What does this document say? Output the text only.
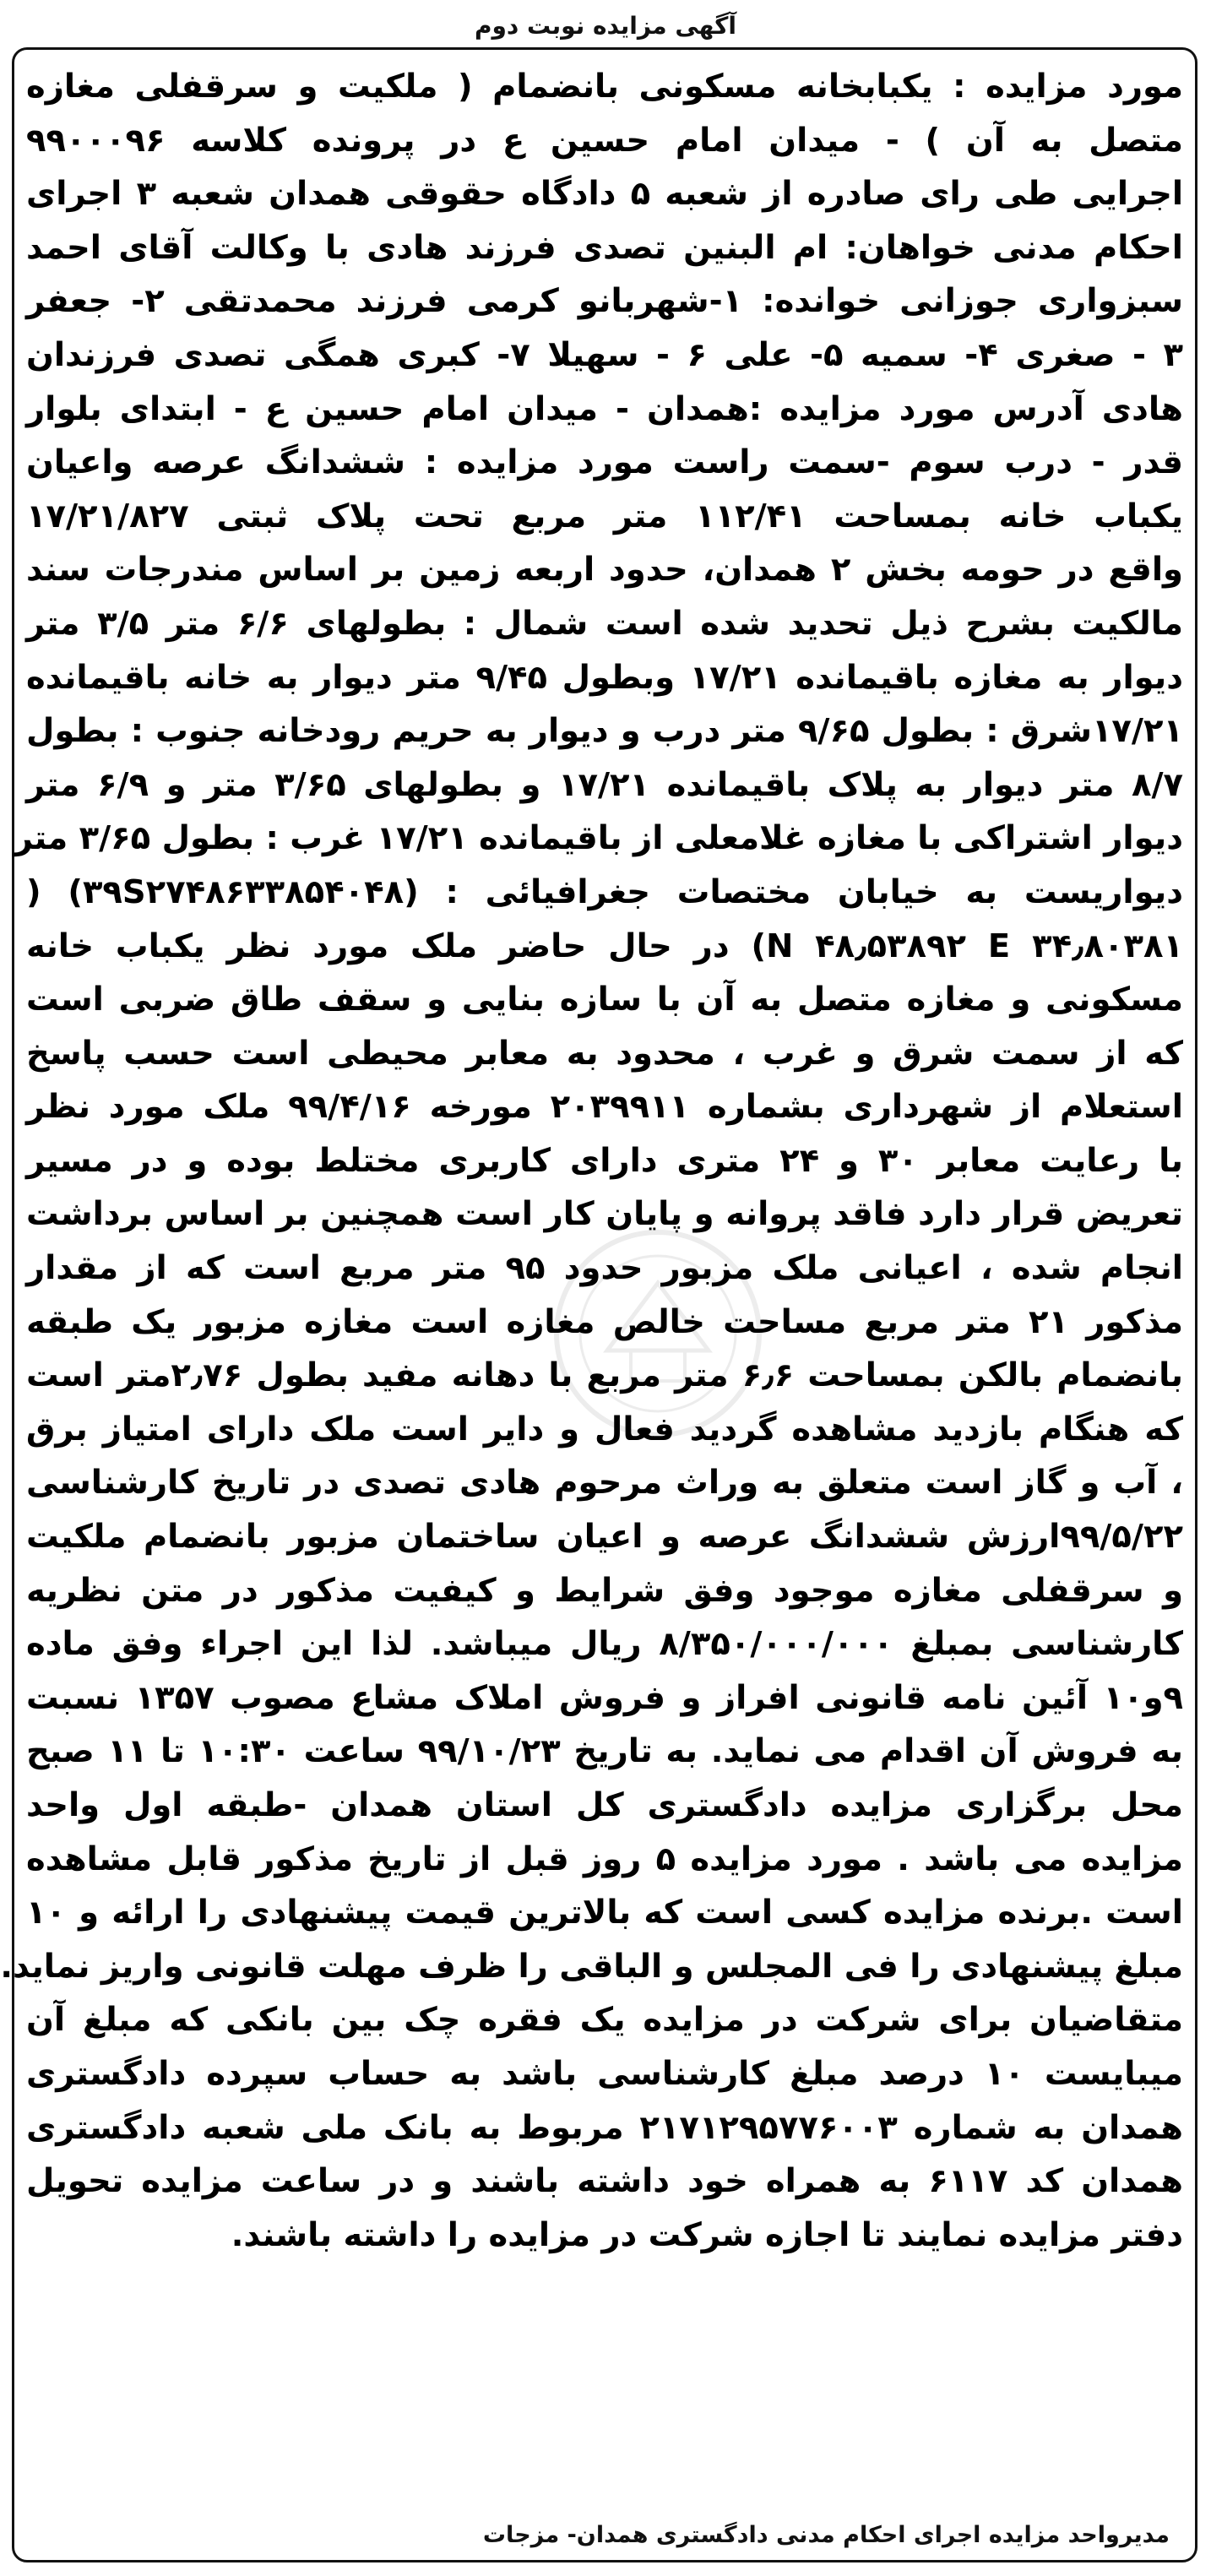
آگهی مزایده نوبت دوم
مورد مزایده : یکبابخانه مسکونی بانضمام ( ملکیت و سرقفلی مغازه
متصل به آن ) - میدان امام حسین ع در پرونده کلاسه ۹۹۰۰۰۹۶
اجرایی طی رای صادره از شعبه ۵ دادگاه حقوقی همدان شعبه ۳ اجرای
احکام مدنی خواهان: ام البنین تصدی فرزند هادی با وکالت آقای احمد
سبزواری جوزانی خوانده: ۱-شهربانو کرمی فرزند محمدتقی ۲- جعفر
۳ - صغری ۴- سمیه ۵- علی ۶ - سهیلا ۷- کبری همگی تصدی فرزندان
هادی آدرس مورد مزایده :همدان - میدان امام حسین ع - ابتدای بلوار
قدر - درب سوم -سمت راست مورد مزایده : ششدانگ عرصه واعیان
یکباب خانه بمساحت ۱۱۲/۴۱ متر مربع تحت پلاک ثبتی ۱۷/۲۱/۸۲۷
واقع در حومه بخش ۲ همدان، حدود اربعه زمین بر اساس مندرجات سند
مالکیت بشرح ذیل تحدید شده است شمال : بطولهای ۶/۶ متر ۳/۵ متر
دیوار به مغازه باقیمانده ۱۷/۲۱ وبطول ۹/۴۵ متر دیوار به خانه باقیمانده
۱۷/۲۱شرق : بطول ۹/۶۵ متر درب و دیوار به حریم رودخانه جنوب : بطول
۸/۷ متر دیوار به پلاک باقیمانده ۱۷/۲۱ و بطولهای ۳/۶۵ متر و ۶/۹ متر
دیوار اشتراکی با مغازه غلامعلی از باقیمانده ۱۷/۲۱ غرب : بطول ۳/۶۵ متر
دیواریست به خیابان مختصات جغرافیائی : (۳۹S۲۷۴۸۶۳۳۸۵۴۰۴۸) (
N ۴۸٫۵۳۸۹۲ E ۳۴٫۸۰۳۸۱) در حال حاضر ملک مورد نظر یکباب خانه
مسکونی و مغازه متصل به آن با سازه بنایی و سقف طاق ضربی است
که از سمت شرق و غرب ، محدود به معابر محیطی است حسب پاسخ
استعلام از شهرداری بشماره ۲۰۳۹۹۱۱ مورخه ۹۹/۴/۱۶ ملک مورد نظر
با رعایت معابر ۳۰ و ۲۴ متری دارای کاربری مختلط بوده و در مسیر
تعریض قرار دارد فاقد پروانه و پایان کار است همچنین بر اساس برداشت
انجام شده ، اعیانی ملک مزبور حدود ۹۵ متر مربع است که از مقدار
مذکور ۲۱ متر مربع مساحت خالص مغازه است مغازه مزبور یک طبقه
بانضمام بالکن بمساحت ۶٫۶ متر مربع با دهانه مفید بطول ۲٫۷۶متر است
که هنگام بازدید مشاهده گردید فعال و دایر است ملک دارای امتیاز برق
، آب و گاز است متعلق به وراث مرحوم هادی تصدی در تاریخ کارشناسی
۹۹/۵/۲۲ارزش ششدانگ عرصه و اعیان ساختمان مزبور بانضمام ملکیت
و سرقفلی مغازه موجود وفق شرایط و کیفیت مذکور در متن نظریه
کارشناسی بمبلغ ۸/۳۵۰/۰۰۰/۰۰۰ ریال میباشد. لذا این اجراء وفق ماده
۹و۱۰ آئین نامه قانونی افراز و فروش املاک مشاع مصوب ۱۳۵۷ نسبت
به فروش آن اقدام می نماید. به تاریخ ۹۹/۱۰/۲۳ ساعت ۱۰:۳۰ تا ۱۱ صبح
محل برگزاری مزایده دادگستری کل استان همدان -طبقه اول واحد
مزایده می باشد . مورد مزایده ۵ روز قبل از تاریخ مذکور قابل مشاهده
است .برنده مزایده کسی است که بالاترین قیمت پیشنهادی را ارائه و ۱۰
مبلغ پیشنهادی را فی المجلس و الباقی را ظرف مهلت قانونی واریز نماید.
متقاضیان برای شرکت در مزایده یک فقره چک بین بانکی که مبلغ آن
میبایست ۱۰ درصد مبلغ کارشناسی باشد به حساب سپرده دادگستری
همدان به شماره ۲۱۷۱۲۹۵۷۷۶۰۰۳ مربوط به بانک ملی شعبه دادگستری
همدان کد ۶۱۱۷ به همراه خود داشته باشند و در ساعت مزایده تحویل
دفتر مزایده نمایند تا اجازه شرکت در مزایده را داشته باشند.
مدیرواحد مزایده اجرای احکام مدنی دادگستری همدان- مزجات
